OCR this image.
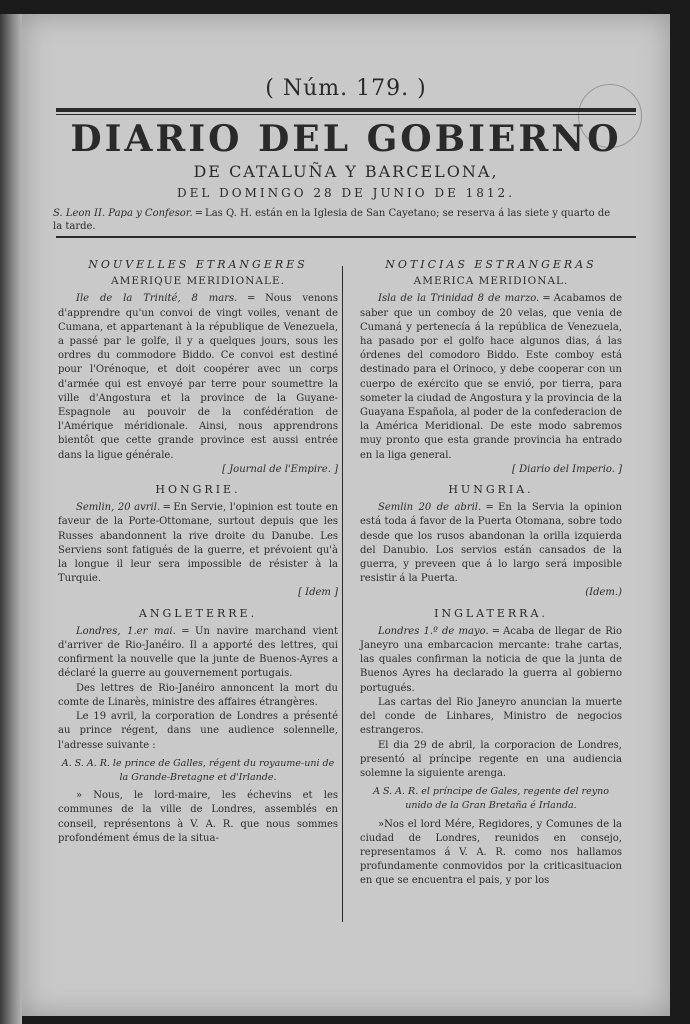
( Núm. 179. )
DIARIO DEL GOBIERNO
DE CATALUÑA Y BARCELONA,
DEL DOMINGO 28 DE JUNIO DE 1812.
S. Leon II. Papa y Confesor. ═ Las Q. H. están en la Iglesia de San Cayetano; se reserva á las siete y quarto de la tarde.

NOUVELLES ETRANGERES

AMERIQUE MERIDIONALE.

Ile de la Trinité, 8 mars. ═ Nous venons d'apprendre qu'un convoi de vingt voiles, venant de Cumana, et appartenant à la république de Venezuela, a passé par le golfe, il y a quelques jours, sous les ordres du commodore Biddo. Ce convoi est destiné pour l'Orénoque, et doit coopérer avec un corps d'armée qui est envoyé par terre pour soumettre la ville d'Angostura et la province de la Guyane-Espagnole au pouvoir de la confédération de l'Amérique méridionale. Ainsi, nous apprendrons bientôt que cette grande province est aussi entrée dans la ligue générale.

[ Journal de l'Empire. ]

HONGRIE.

Semlin, 20 avril. ═ En Servie, l'opinion est toute en faveur de la Porte-Ottomane, surtout depuis que les Russes abandonnent la rive droite du Danube. Les Serviens sont fatigués de la guerre, et prévoient qu'à la longue il leur sera impossible de résister à la Turquie.

[ Idem ]

ANGLETERRE.

Londres, 1.er mai. ═ Un navire marchand vient d'arriver de Rio-Janéiro. Il a apporté des lettres, qui confirment la nouvelle que la junte de Buenos-Ayres a déclaré la guerre au gouvernement portugais.

Des lettres de Rio-Janéiro annoncent la mort du comte de Linarès, ministre des affaires étrangères.

Le 19 avril, la corporation de Londres a présenté au prince régent, dans une audience solennelle, l'adresse suivante :

A. S. A. R. le prince de Galles, régent du royaume-uni de la Grande-Bretagne et d'Irlande.

» Nous, le lord-maire, les échevins et les communes de la ville de Londres, assemblés en conseil, représentons à V. A. R. que nous sommes profondément émus de la situa-

NOTICIAS ESTRANGERAS

AMERICA MERIDIONAL.

Isla de la Trinidad 8 de marzo. ═ Acabamos de saber que un comboy de 20 velas, que venia de Cumaná y pertenecía á la república de Venezuela, ha pasado por el golfo hace algunos dias, á las órdenes del comodoro Biddo. Este comboy está destinado para el Orinoco, y debe cooperar con un cuerpo de exército que se envió, por tierra, para someter la ciudad de Angostura y la provincia de la Guayana Española, al poder de la confederacion de la América Meridional. De este modo sabremos muy pronto que esta grande provincia ha entrado en la liga general.

[ Diario del Imperio. ]

HUNGRIA.

Semlin 20 de abril. ═ En la Servia la opinion está toda á favor de la Puerta Otomana, sobre todo desde que los rusos abandonan la orilla izquierda del Danubio. Los servios están cansados de la guerra, y preveen que á lo largo será imposible resistir á la Puerta.

(Idem.)

INGLATERRA.

Londres 1.º de mayo. ═ Acaba de llegar de Rio Janeyro una embarcacion mercante: trahe cartas, las quales confirman la noticia de que la junta de Buenos Ayres ha declarado la guerra al gobierno portugués.

Las cartas del Rio Janeyro anuncian la muerte del conde de Linhares, Ministro de negocios estrangeros.

El dia 29 de abril, la corporacion de Londres, presentó al príncipe regente en una audiencia solemne la siguiente arenga.

A S. A. R. el príncipe de Gales, regente del reyno unido de la Gran Bretaña é Irlanda.

»Nos el lord Mére, Regidores, y Comunes de la ciudad de Londres, reunidos en consejo, representamos á V. A. R. como nos hallamos profundamente conmovidos por la criticasituacion en que se encuentra el pais, y por los
